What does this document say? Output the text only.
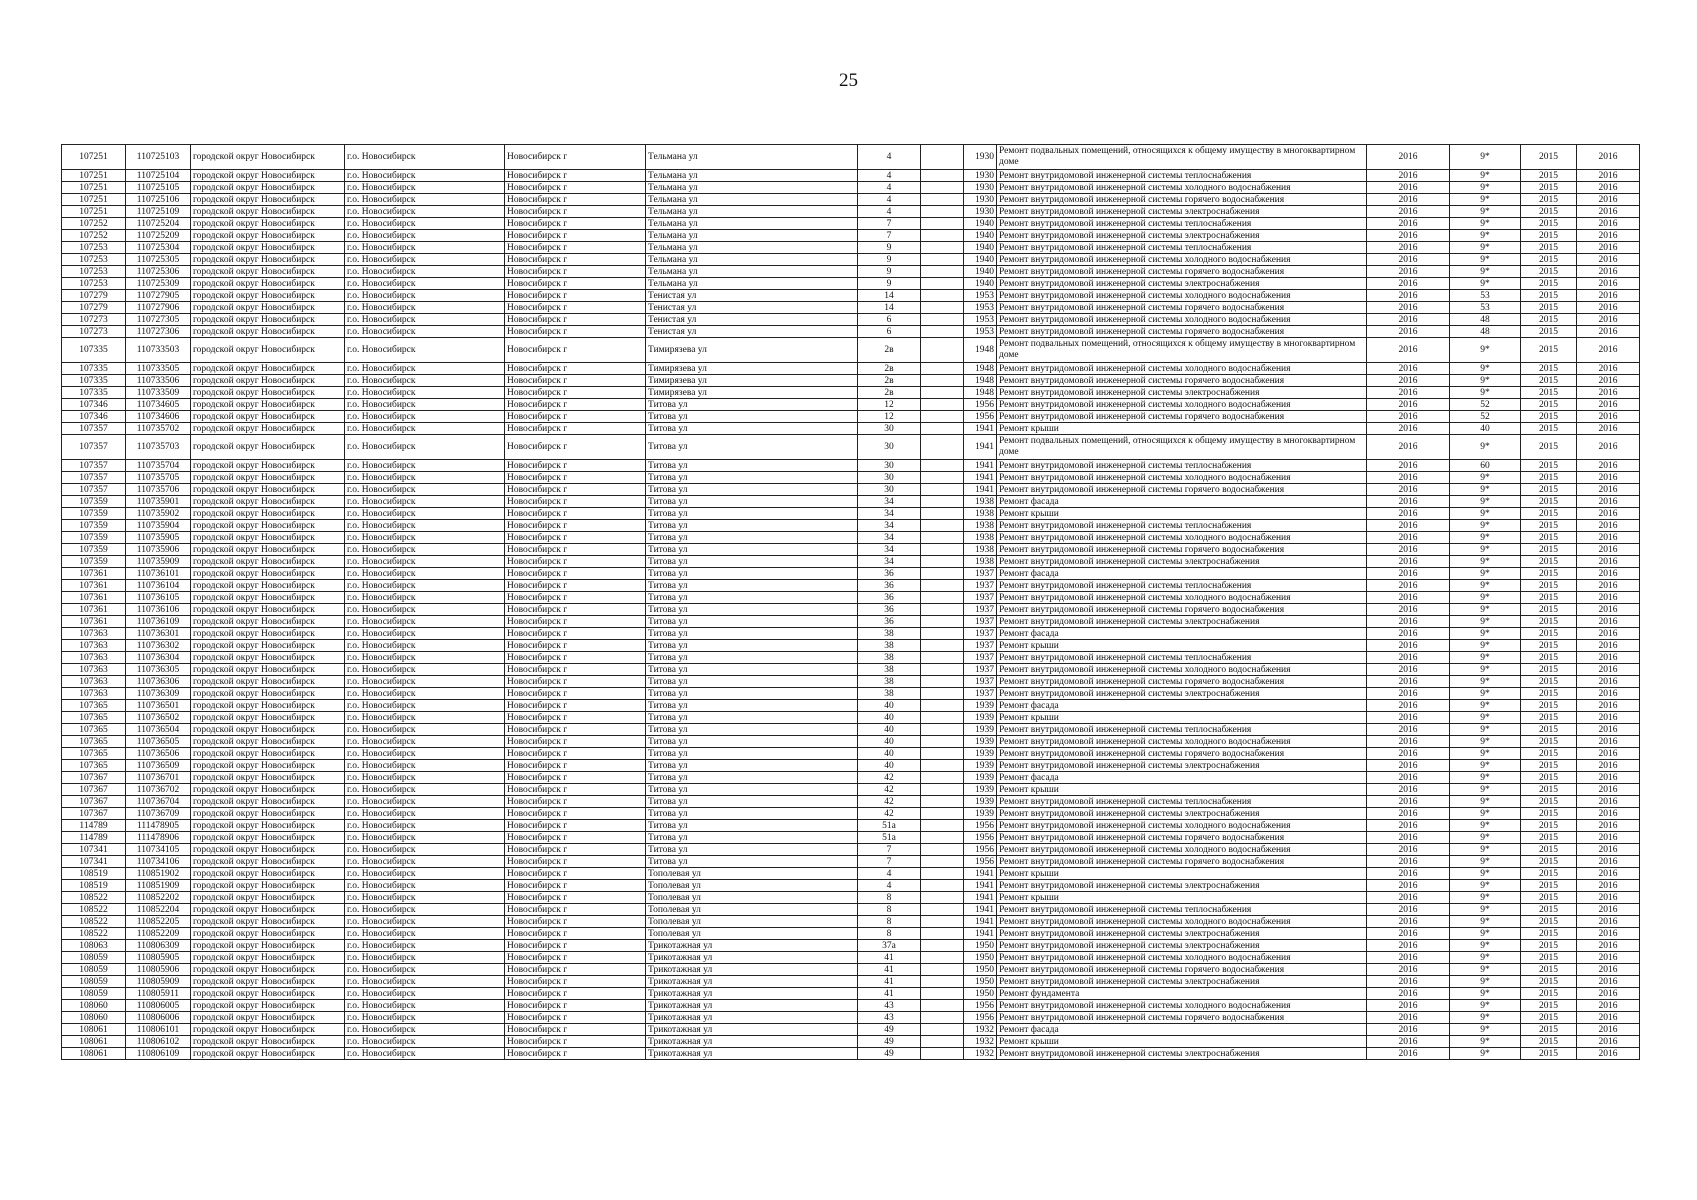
25
107251	110725103	городской округ Новосибирск	г.о. Новосибирск	Новосибирск г	Тельмана ул	4		1930	Ремонт подвальных помещений, относящихся к общему имуществу в многоквартирном доме	2016	9*	2015	2016
107251	110725104	городской округ Новосибирск	г.о. Новосибирск	Новосибирск г	Тельмана ул	4		1930	Ремонт внутридомовой инженерной системы теплоснабжения	2016	9*	2015	2016
107251	110725105	городской округ Новосибирск	г.о. Новосибирск	Новосибирск г	Тельмана ул	4		1930	Ремонт внутридомовой инженерной системы холодного водоснабжения	2016	9*	2015	2016
107251	110725106	городской округ Новосибирск	г.о. Новосибирск	Новосибирск г	Тельмана ул	4		1930	Ремонт внутридомовой инженерной системы горячего водоснабжения	2016	9*	2015	2016
107251	110725109	городской округ Новосибирск	г.о. Новосибирск	Новосибирск г	Тельмана ул	4		1930	Ремонт внутридомовой инженерной системы электроснабжения	2016	9*	2015	2016
107252	110725204	городской округ Новосибирск	г.о. Новосибирск	Новосибирск г	Тельмана ул	7		1940	Ремонт внутридомовой инженерной системы теплоснабжения	2016	9*	2015	2016
107252	110725209	городской округ Новосибирск	г.о. Новосибирск	Новосибирск г	Тельмана ул	7		1940	Ремонт внутридомовой инженерной системы электроснабжения	2016	9*	2015	2016
107253	110725304	городской округ Новосибирск	г.о. Новосибирск	Новосибирск г	Тельмана ул	9		1940	Ремонт внутридомовой инженерной системы теплоснабжения	2016	9*	2015	2016
107253	110725305	городской округ Новосибирск	г.о. Новосибирск	Новосибирск г	Тельмана ул	9		1940	Ремонт внутридомовой инженерной системы холодного водоснабжения	2016	9*	2015	2016
107253	110725306	городской округ Новосибирск	г.о. Новосибирск	Новосибирск г	Тельмана ул	9		1940	Ремонт внутридомовой инженерной системы горячего водоснабжения	2016	9*	2015	2016
107253	110725309	городской округ Новосибирск	г.о. Новосибирск	Новосибирск г	Тельмана ул	9		1940	Ремонт внутридомовой инженерной системы электроснабжения	2016	9*	2015	2016
107279	110727905	городской округ Новосибирск	г.о. Новосибирск	Новосибирск г	Тенистая ул	14		1953	Ремонт внутридомовой инженерной системы холодного водоснабжения	2016	53	2015	2016
107279	110727906	городской округ Новосибирск	г.о. Новосибирск	Новосибирск г	Тенистая ул	14		1953	Ремонт внутридомовой инженерной системы горячего водоснабжения	2016	53	2015	2016
107273	110727305	городской округ Новосибирск	г.о. Новосибирск	Новосибирск г	Тенистая ул	6		1953	Ремонт внутридомовой инженерной системы холодного водоснабжения	2016	48	2015	2016
107273	110727306	городской округ Новосибирск	г.о. Новосибирск	Новосибирск г	Тенистая ул	6		1953	Ремонт внутридомовой инженерной системы горячего водоснабжения	2016	48	2015	2016
107335	110733503	городской округ Новосибирск	г.о. Новосибирск	Новосибирск г	Тимирязева ул	2в		1948	Ремонт подвальных помещений, относящихся к общему имуществу в многоквартирном доме	2016	9*	2015	2016
107335	110733505	городской округ Новосибирск	г.о. Новосибирск	Новосибирск г	Тимирязева ул	2в		1948	Ремонт внутридомовой инженерной системы холодного водоснабжения	2016	9*	2015	2016
107335	110733506	городской округ Новосибирск	г.о. Новосибирск	Новосибирск г	Тимирязева ул	2в		1948	Ремонт внутридомовой инженерной системы горячего водоснабжения	2016	9*	2015	2016
107335	110733509	городской округ Новосибирск	г.о. Новосибирск	Новосибирск г	Тимирязева ул	2в		1948	Ремонт внутридомовой инженерной системы электроснабжения	2016	9*	2015	2016
107346	110734605	городской округ Новосибирск	г.о. Новосибирск	Новосибирск г	Титова ул	12		1956	Ремонт внутридомовой инженерной системы холодного водоснабжения	2016	52	2015	2016
107346	110734606	городской округ Новосибирск	г.о. Новосибирск	Новосибирск г	Титова ул	12		1956	Ремонт внутридомовой инженерной системы горячего водоснабжения	2016	52	2015	2016
107357	110735702	городской округ Новосибирск	г.о. Новосибирск	Новосибирск г	Титова ул	30		1941	Ремонт крыши	2016	40	2015	2016
107357	110735703	городской округ Новосибирск	г.о. Новосибирск	Новосибирск г	Титова ул	30		1941	Ремонт подвальных помещений, относящихся к общему имуществу в многоквартирном доме	2016	9*	2015	2016
107357	110735704	городской округ Новосибирск	г.о. Новосибирск	Новосибирск г	Титова ул	30		1941	Ремонт внутридомовой инженерной системы теплоснабжения	2016	60	2015	2016
107357	110735705	городской округ Новосибирск	г.о. Новосибирск	Новосибирск г	Титова ул	30		1941	Ремонт внутридомовой инженерной системы холодного водоснабжения	2016	9*	2015	2016
107357	110735706	городской округ Новосибирск	г.о. Новосибирск	Новосибирск г	Титова ул	30		1941	Ремонт внутридомовой инженерной системы горячего водоснабжения	2016	9*	2015	2016
107359	110735901	городской округ Новосибирск	г.о. Новосибирск	Новосибирск г	Титова ул	34		1938	Ремонт фасада	2016	9*	2015	2016
107359	110735902	городской округ Новосибирск	г.о. Новосибирск	Новосибирск г	Титова ул	34		1938	Ремонт крыши	2016	9*	2015	2016
107359	110735904	городской округ Новосибирск	г.о. Новосибирск	Новосибирск г	Титова ул	34		1938	Ремонт внутридомовой инженерной системы теплоснабжения	2016	9*	2015	2016
107359	110735905	городской округ Новосибирск	г.о. Новосибирск	Новосибирск г	Титова ул	34		1938	Ремонт внутридомовой инженерной системы холодного водоснабжения	2016	9*	2015	2016
107359	110735906	городской округ Новосибирск	г.о. Новосибирск	Новосибирск г	Титова ул	34		1938	Ремонт внутридомовой инженерной системы горячего водоснабжения	2016	9*	2015	2016
107359	110735909	городской округ Новосибирск	г.о. Новосибирск	Новосибирск г	Титова ул	34		1938	Ремонт внутридомовой инженерной системы электроснабжения	2016	9*	2015	2016
107361	110736101	городской округ Новосибирск	г.о. Новосибирск	Новосибирск г	Титова ул	36		1937	Ремонт фасада	2016	9*	2015	2016
107361	110736104	городской округ Новосибирск	г.о. Новосибирск	Новосибирск г	Титова ул	36		1937	Ремонт внутридомовой инженерной системы теплоснабжения	2016	9*	2015	2016
107361	110736105	городской округ Новосибирск	г.о. Новосибирск	Новосибирск г	Титова ул	36		1937	Ремонт внутридомовой инженерной системы холодного водоснабжения	2016	9*	2015	2016
107361	110736106	городской округ Новосибирск	г.о. Новосибирск	Новосибирск г	Титова ул	36		1937	Ремонт внутридомовой инженерной системы горячего водоснабжения	2016	9*	2015	2016
107361	110736109	городской округ Новосибирск	г.о. Новосибирск	Новосибирск г	Титова ул	36		1937	Ремонт внутридомовой инженерной системы электроснабжения	2016	9*	2015	2016
107363	110736301	городской округ Новосибирск	г.о. Новосибирск	Новосибирск г	Титова ул	38		1937	Ремонт фасада	2016	9*	2015	2016
107363	110736302	городской округ Новосибирск	г.о. Новосибирск	Новосибирск г	Титова ул	38		1937	Ремонт крыши	2016	9*	2015	2016
107363	110736304	городской округ Новосибирск	г.о. Новосибирск	Новосибирск г	Титова ул	38		1937	Ремонт внутридомовой инженерной системы теплоснабжения	2016	9*	2015	2016
107363	110736305	городской округ Новосибирск	г.о. Новосибирск	Новосибирск г	Титова ул	38		1937	Ремонт внутридомовой инженерной системы холодного водоснабжения	2016	9*	2015	2016
107363	110736306	городской округ Новосибирск	г.о. Новосибирск	Новосибирск г	Титова ул	38		1937	Ремонт внутридомовой инженерной системы горячего водоснабжения	2016	9*	2015	2016
107363	110736309	городской округ Новосибирск	г.о. Новосибирск	Новосибирск г	Титова ул	38		1937	Ремонт внутридомовой инженерной системы электроснабжения	2016	9*	2015	2016
107365	110736501	городской округ Новосибирск	г.о. Новосибирск	Новосибирск г	Титова ул	40		1939	Ремонт фасада	2016	9*	2015	2016
107365	110736502	городской округ Новосибирск	г.о. Новосибирск	Новосибирск г	Титова ул	40		1939	Ремонт крыши	2016	9*	2015	2016
107365	110736504	городской округ Новосибирск	г.о. Новосибирск	Новосибирск г	Титова ул	40		1939	Ремонт внутридомовой инженерной системы теплоснабжения	2016	9*	2015	2016
107365	110736505	городской округ Новосибирск	г.о. Новосибирск	Новосибирск г	Титова ул	40		1939	Ремонт внутридомовой инженерной системы холодного водоснабжения	2016	9*	2015	2016
107365	110736506	городской округ Новосибирск	г.о. Новосибирск	Новосибирск г	Титова ул	40		1939	Ремонт внутридомовой инженерной системы горячего водоснабжения	2016	9*	2015	2016
107365	110736509	городской округ Новосибирск	г.о. Новосибирск	Новосибирск г	Титова ул	40		1939	Ремонт внутридомовой инженерной системы электроснабжения	2016	9*	2015	2016
107367	110736701	городской округ Новосибирск	г.о. Новосибирск	Новосибирск г	Титова ул	42		1939	Ремонт фасада	2016	9*	2015	2016
107367	110736702	городской округ Новосибирск	г.о. Новосибирск	Новосибирск г	Титова ул	42		1939	Ремонт крыши	2016	9*	2015	2016
107367	110736704	городской округ Новосибирск	г.о. Новосибирск	Новосибирск г	Титова ул	42		1939	Ремонт внутридомовой инженерной системы теплоснабжения	2016	9*	2015	2016
107367	110736709	городской округ Новосибирск	г.о. Новосибирск	Новосибирск г	Титова ул	42		1939	Ремонт внутридомовой инженерной системы электроснабжения	2016	9*	2015	2016
114789	111478905	городской округ Новосибирск	г.о. Новосибирск	Новосибирск г	Титова ул	51а		1956	Ремонт внутридомовой инженерной системы холодного водоснабжения	2016	9*	2015	2016
114789	111478906	городской округ Новосибирск	г.о. Новосибирск	Новосибирск г	Титова ул	51а		1956	Ремонт внутридомовой инженерной системы горячего водоснабжения	2016	9*	2015	2016
107341	110734105	городской округ Новосибирск	г.о. Новосибирск	Новосибирск г	Титова ул	7		1956	Ремонт внутридомовой инженерной системы холодного водоснабжения	2016	9*	2015	2016
107341	110734106	городской округ Новосибирск	г.о. Новосибирск	Новосибирск г	Титова ул	7		1956	Ремонт внутридомовой инженерной системы горячего водоснабжения	2016	9*	2015	2016
108519	110851902	городской округ Новосибирск	г.о. Новосибирск	Новосибирск г	Тополевая ул	4		1941	Ремонт крыши	2016	9*	2015	2016
108519	110851909	городской округ Новосибирск	г.о. Новосибирск	Новосибирск г	Тополевая ул	4		1941	Ремонт внутридомовой инженерной системы электроснабжения	2016	9*	2015	2016
108522	110852202	городской округ Новосибирск	г.о. Новосибирск	Новосибирск г	Тополевая ул	8		1941	Ремонт крыши	2016	9*	2015	2016
108522	110852204	городской округ Новосибирск	г.о. Новосибирск	Новосибирск г	Тополевая ул	8		1941	Ремонт внутридомовой инженерной системы теплоснабжения	2016	9*	2015	2016
108522	110852205	городской округ Новосибирск	г.о. Новосибирск	Новосибирск г	Тополевая ул	8		1941	Ремонт внутридомовой инженерной системы холодного водоснабжения	2016	9*	2015	2016
108522	110852209	городской округ Новосибирск	г.о. Новосибирск	Новосибирск г	Тополевая ул	8		1941	Ремонт внутридомовой инженерной системы электроснабжения	2016	9*	2015	2016
108063	110806309	городской округ Новосибирск	г.о. Новосибирск	Новосибирск г	Трикотажная ул	37а		1950	Ремонт внутридомовой инженерной системы электроснабжения	2016	9*	2015	2016
108059	110805905	городской округ Новосибирск	г.о. Новосибирск	Новосибирск г	Трикотажная ул	41		1950	Ремонт внутридомовой инженерной системы холодного водоснабжения	2016	9*	2015	2016
108059	110805906	городской округ Новосибирск	г.о. Новосибирск	Новосибирск г	Трикотажная ул	41		1950	Ремонт внутридомовой инженерной системы горячего водоснабжения	2016	9*	2015	2016
108059	110805909	городской округ Новосибирск	г.о. Новосибирск	Новосибирск г	Трикотажная ул	41		1950	Ремонт внутридомовой инженерной системы электроснабжения	2016	9*	2015	2016
108059	110805911	городской округ Новосибирск	г.о. Новосибирск	Новосибирск г	Трикотажная ул	41		1950	Ремонт фундамента	2016	9*	2015	2016
108060	110806005	городской округ Новосибирск	г.о. Новосибирск	Новосибирск г	Трикотажная ул	43		1956	Ремонт внутридомовой инженерной системы холодного водоснабжения	2016	9*	2015	2016
108060	110806006	городской округ Новосибирск	г.о. Новосибирск	Новосибирск г	Трикотажная ул	43		1956	Ремонт внутридомовой инженерной системы горячего водоснабжения	2016	9*	2015	2016
108061	110806101	городской округ Новосибирск	г.о. Новосибирск	Новосибирск г	Трикотажная ул	49		1932	Ремонт фасада	2016	9*	2015	2016
108061	110806102	городской округ Новосибирск	г.о. Новосибирск	Новосибирск г	Трикотажная ул	49		1932	Ремонт крыши	2016	9*	2015	2016
108061	110806109	городской округ Новосибирск	г.о. Новосибирск	Новосибирск г	Трикотажная ул	49		1932	Ремонт внутридомовой инженерной системы электроснабжения	2016	9*	2015	2016
